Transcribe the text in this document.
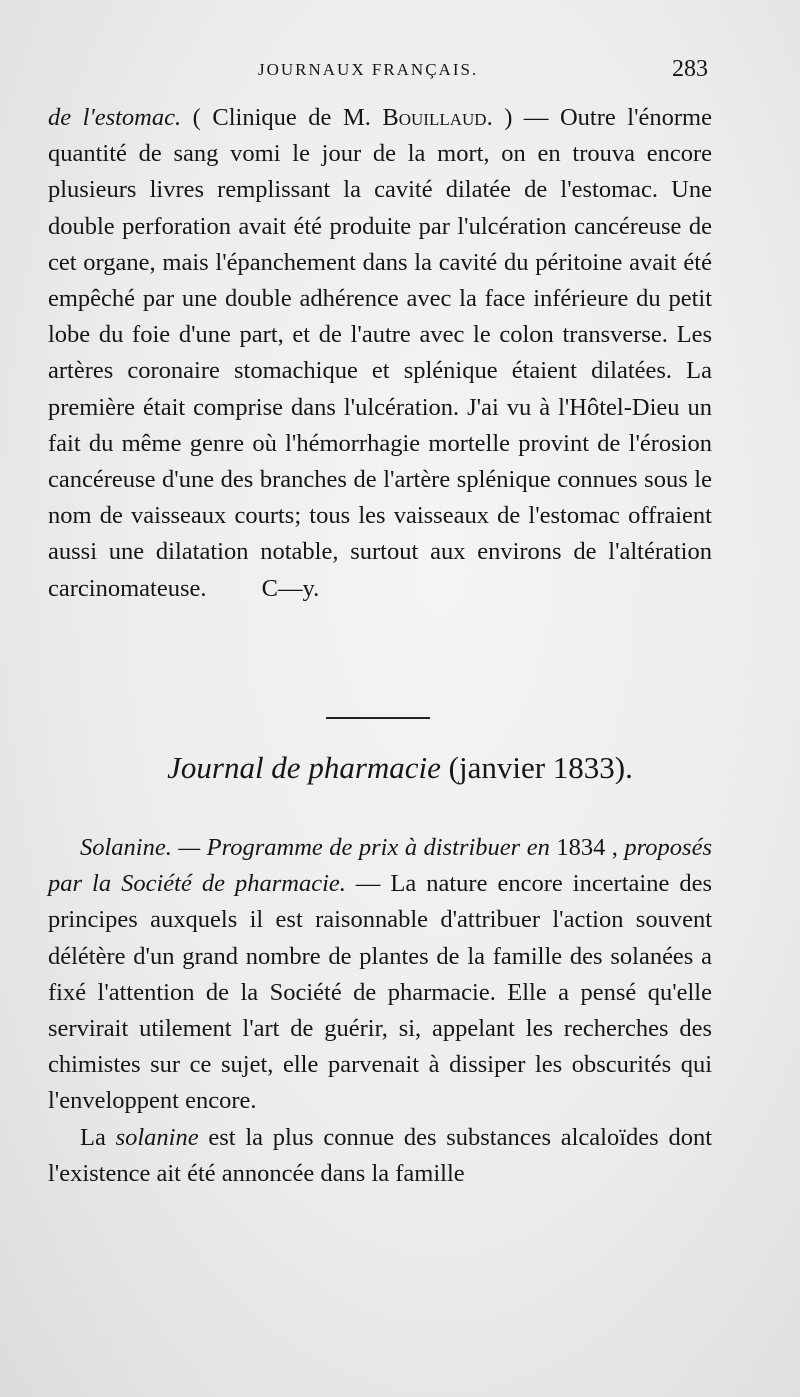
JOURNAUX FRANÇAIS.	283

de l'estomac. ( Clinique de M. Bouillaud. ) — Outre l'énorme quantité de sang vomi le jour de la mort, on en trouva encore plusieurs livres remplissant la cavité dilatée de l'estomac. Une double perforation avait été produite par l'ulcération cancéreuse de cet organe, mais l'épanchement dans la cavité du péritoine avait été empêché par une double adhérence avec la face inférieure du petit lobe du foie d'une part, et de l'autre avec le colon transverse. Les artères coronaire stomachique et splénique étaient dilatées. La première était comprise dans l'ulcération. J'ai vu à l'Hôtel-Dieu un fait du même genre où l'hémorrhagie mortelle provint de l'érosion cancéreuse d'une des branches de l'artère splénique connues sous le nom de vaisseaux courts; tous les vaisseaux de l'estomac offraient aussi une dilatation notable, surtout aux environs de l'altération carcinomateuse. C—y.

Journal de pharmacie (janvier 1833).

Solanine. — Programme de prix à distribuer en 1834 , proposés par la Société de pharmacie. — La nature encore incertaine des principes auxquels il est raisonnable d'attribuer l'action souvent délétère d'un grand nombre de plantes de la famille des solanées a fixé l'attention de la Société de pharmacie. Elle a pensé qu'elle servirait utilement l'art de guérir, si, appelant les recherches des chimistes sur ce sujet, elle parvenait à dissiper les obscurités qui l'enveloppent encore.

La solanine est la plus connue des substances alcaloïdes dont l'existence ait été annoncée dans la famille
